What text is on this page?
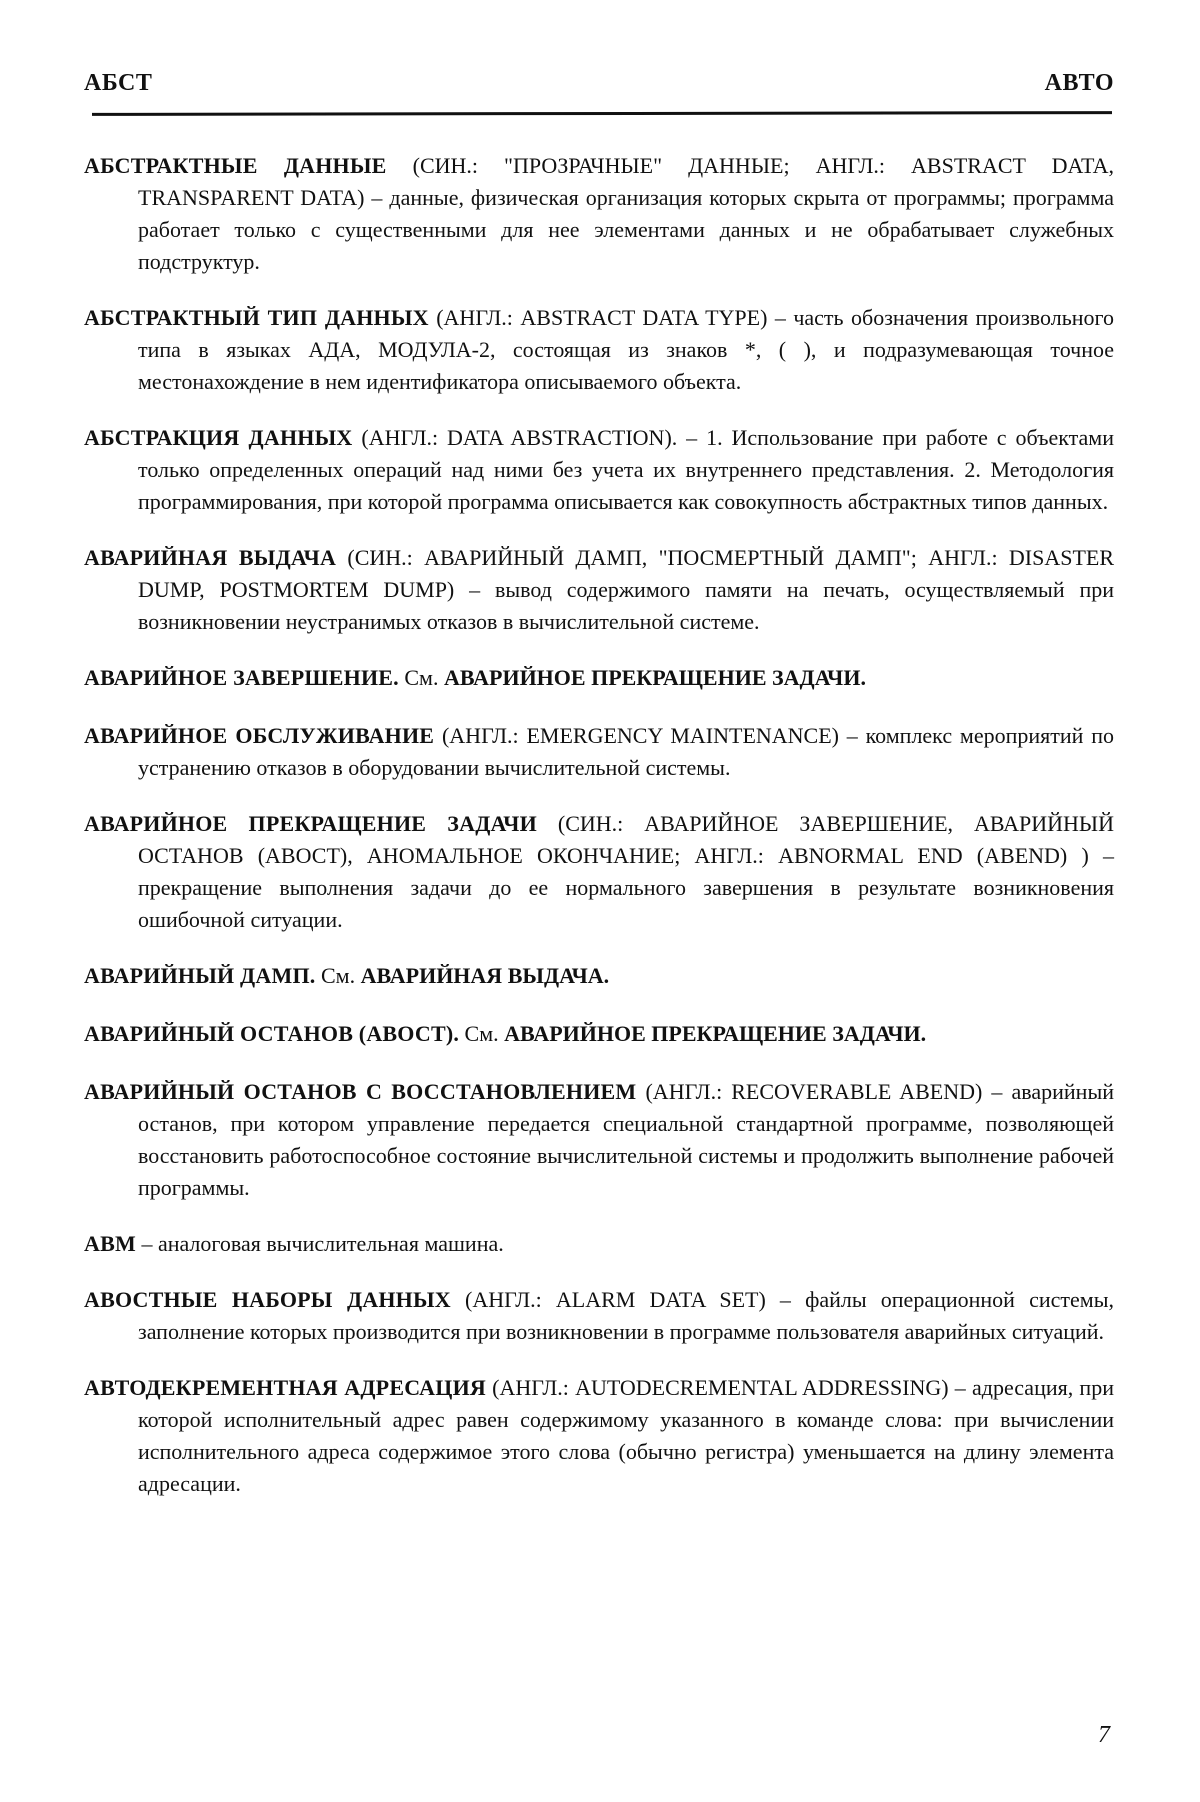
АБСТ	АВТО

АБСТРАКТНЫЕ ДАННЫЕ (СИН.: "ПРОЗРАЧНЫЕ" ДАННЫЕ; АНГЛ.: ABSTRACT DATA, TRANSPARENT DATA) – данные, физическая организация которых скрыта от программы; программа работает только с существенными для нее элементами данных и не обрабатывает служебных подструктур.

АБСТРАКТНЫЙ ТИП ДАННЫХ (АНГЛ.: ABSTRACT DATA TYPE) – часть обозначения произвольного типа в языках АДА, МОДУЛА-2, состоящая из знаков *, ( ), и подразумевающая точное местонахождение в нем идентификатора описываемого объекта.

АБСТРАКЦИЯ ДАННЫХ (АНГЛ.: DATA ABSTRACTION). – 1. Использование при работе с объектами только определенных операций над ними без учета их внутреннего представления. 2. Методология программирования, при которой программа описывается как совокупность абстрактных типов данных.

АВАРИЙНАЯ ВЫДАЧА (СИН.: АВАРИЙНЫЙ ДАМП, "ПОСМЕРТНЫЙ ДАМП"; АНГЛ.: DISASTER DUMP, POSTMORTEM DUMP) – вывод содержимого памяти на печать, осуществляемый при возникновении неустранимых отказов в вычислительной системе.

АВАРИЙНОЕ ЗАВЕРШЕНИЕ. См. АВАРИЙНОЕ ПРЕКРАЩЕНИЕ ЗАДАЧИ.

АВАРИЙНОЕ ОБСЛУЖИВАНИЕ (АНГЛ.: EMERGENCY MAINTENANCE) – комплекс мероприятий по устранению отказов в оборудовании вычислительной системы.

АВАРИЙНОЕ ПРЕКРАЩЕНИЕ ЗАДАЧИ (СИН.: АВАРИЙНОЕ ЗАВЕРШЕНИЕ, АВАРИЙНЫЙ ОСТАНОВ (АВОСТ), АНОМАЛЬНОЕ ОКОНЧАНИЕ; АНГЛ.: ABNORMAL END (ABEND) ) – прекращение выполнения задачи до ее нормального завершения в результате возникновения ошибочной ситуации.

АВАРИЙНЫЙ ДАМП. См. АВАРИЙНАЯ ВЫДАЧА.

АВАРИЙНЫЙ ОСТАНОВ (АВОСТ). См. АВАРИЙНОЕ ПРЕКРАЩЕНИЕ ЗАДАЧИ.

АВАРИЙНЫЙ ОСТАНОВ С ВОССТАНОВЛЕНИЕМ (АНГЛ.: RECOVERABLE ABEND) – аварийный останов, при котором управление передается специальной стандартной программе, позволяющей восстановить работоспособное состояние вычислительной системы и продолжить выполнение рабочей программы.

АВМ – аналоговая вычислительная машина.

АВОСТНЫЕ НАБОРЫ ДАННЫХ (АНГЛ.: ALARM DATA SET) – файлы операционной системы, заполнение которых производится при возникновении в программе пользователя аварийных ситуаций.

АВТОДЕКРЕМЕНТНАЯ АДРЕСАЦИЯ (АНГЛ.: AUTODECREMENTAL ADDRESSING) – адресация, при которой исполнительный адрес равен содержимому указанного в команде слова: при вычислении исполнительного адреса содержимое этого слова (обычно регистра) уменьшается на длину элемента адресации.

7
